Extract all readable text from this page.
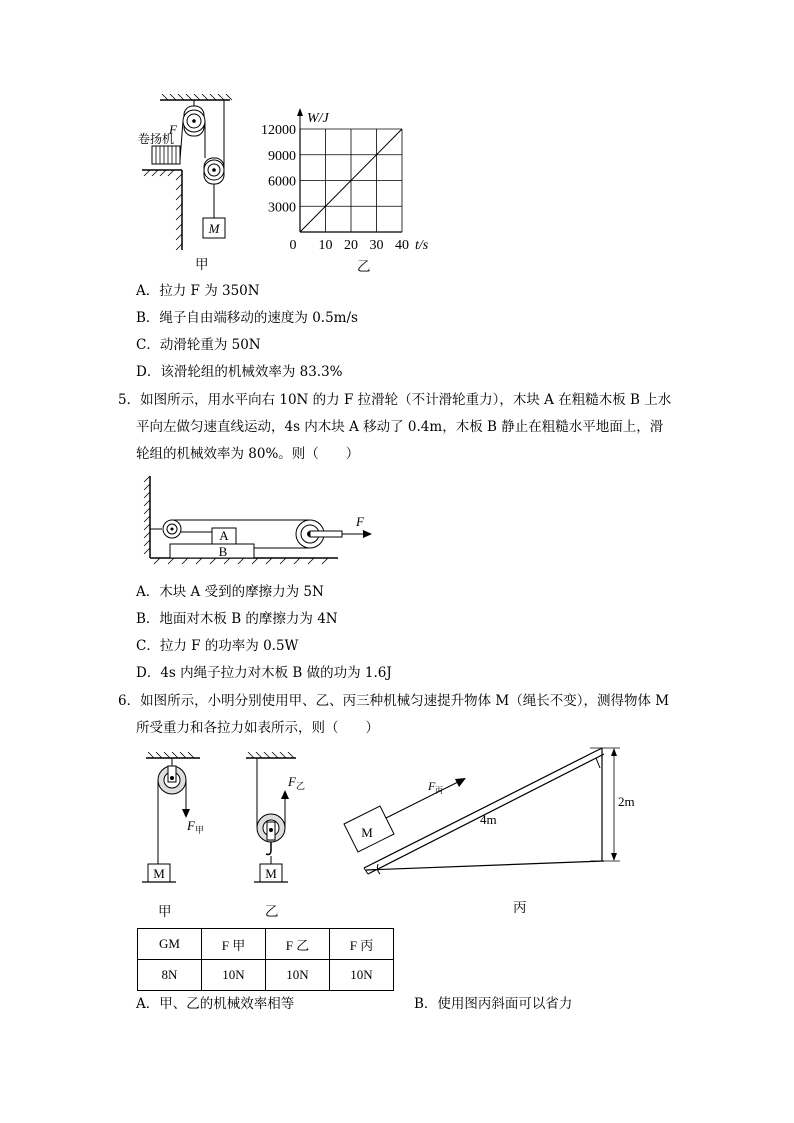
M
卷扬机
F
甲
W/J
t/s
12000
9000
6000
3000
0 10 20 30 40
乙
A．拉力 F 为 350N
B．绳子自由端移动的速度为 0.5m/s
C．动滑轮重为 50N
D．该滑轮组的机械效率为 83.3%
5．如图所示，用水平向右 10N 的力 F 拉滑轮（不计滑轮重力），木块 A 在粗糙木板 B 上水
平向左做匀速直线运动，4s 内木块 A 移动了 0.4m，木板 B 静止在粗糙水平地面上，滑
轮组的机械效率为 80%。则（　　）
B
A
F
A．木块 A 受到的摩擦力为 5N
B．地面对木板 B 的摩擦力为 4N
C．拉力 F 的功率为 0.5W
D．4s 内绳子拉力对木板 B 做的功为 1.6J
6．如图所示，小明分别使用甲、乙、丙三种机械匀速提升物体 M（绳长不变），测得物体 M
所受重力和各拉力如表所示，则（　　）
F 甲
M
甲
F 乙
M
乙
M
F 丙
4m
2m
丙
GM	F 甲	F 乙	F 丙
8N	10N	10N	10N
A．甲、乙的机械效率相等	B．使用图丙斜面可以省力
